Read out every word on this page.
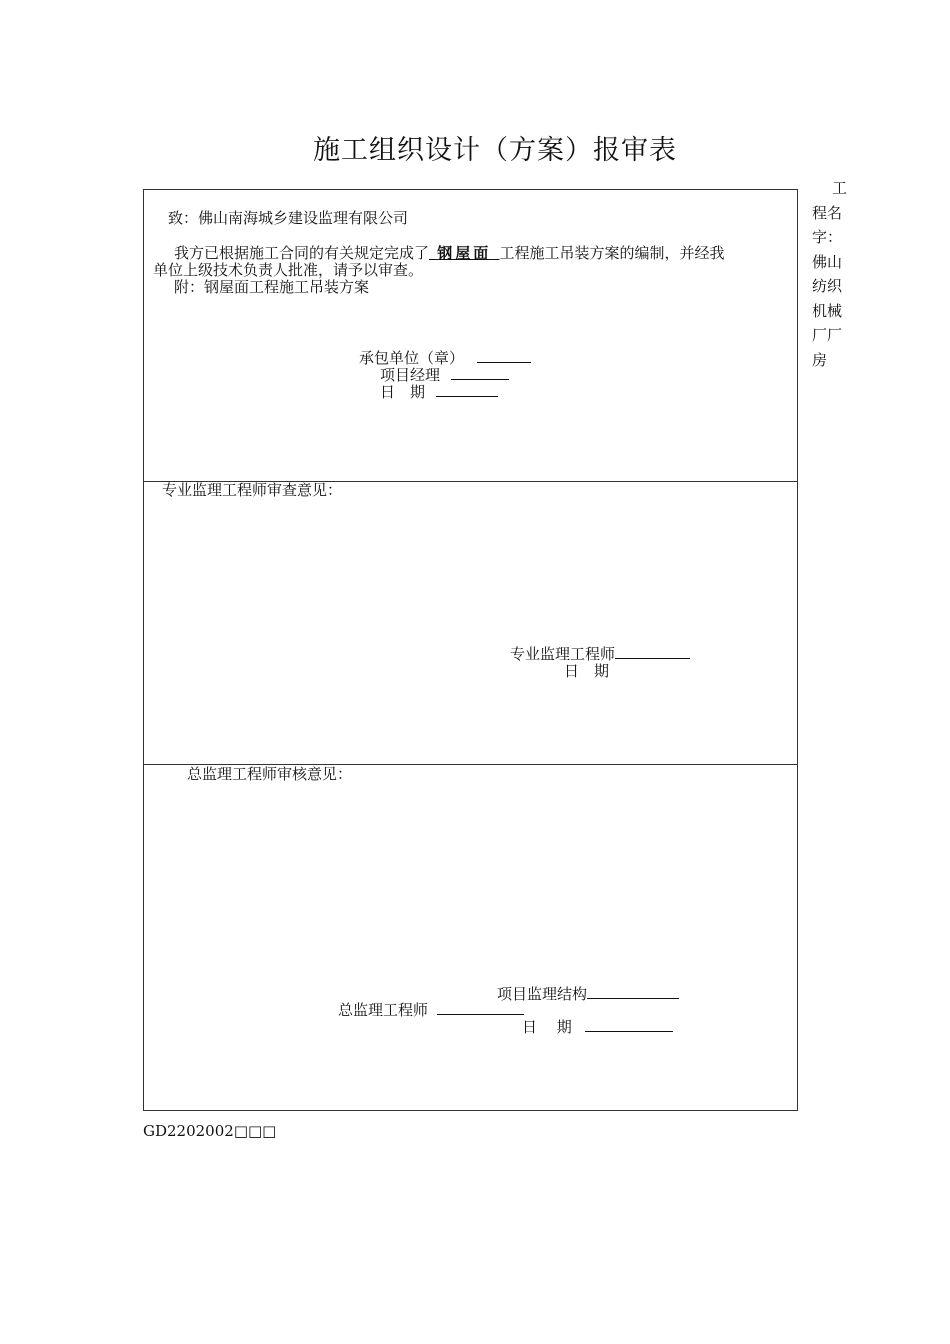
施工组织设计（方案）报审表
工程名字：佛山纺织机械厂厂房
致：佛山南海城乡建设监理有限公司
我方已根据施工合同的有关规定完成了 钢屋面 工程施工吊装方案的编制，并经我
单位上级技术负责人批准，请予以审查。
附：钢屋面工程施工吊装方案
承包单位（章）
项目经理
日　期
专业监理工程师审查意见：
专业监理工程师
日　期
总监理工程师审核意见：
项目监理结构
总监理工程师
日　 期
GD2202002□□□
